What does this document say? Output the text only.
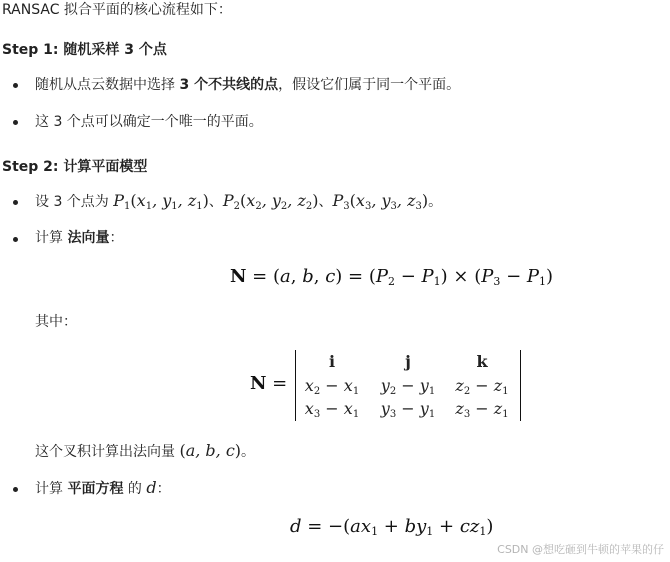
RANSAC 拟合平面的核心流程如下：
Step 1: 随机采样 3 个点
随机从点云数据中选择 3 个不共线的点，假设它们属于同一个平面。
这 3 个点可以确定一个唯一的平面。
Step 2: 计算平面模型
设 3 个点为 $P_1(x_1$, $y_1$, $z_1$)、$P_2(x_2$, $y_2$, $z_2$)、$P_3(x_3$, $y_3$, $z_3$)。
计算 法向量：
N = (a, b, $c) = (P_2 - P_1) \times (P_3 - P_1)$
其中：
N =
i	j	k
$x_2 - x_1$	$y_2 - y_1$	$z_2 - z_1$
$x_3 - x_1$	$y_3 - y_1$	$z_3 - z_1$
这个叉积计算出法向量 (a, b, c)。
计算 平面方程 的 d：
$d = -(ax_1 + by_1 + cz_1)$
CSDN @想吃砸到牛顿的苹果的仔
